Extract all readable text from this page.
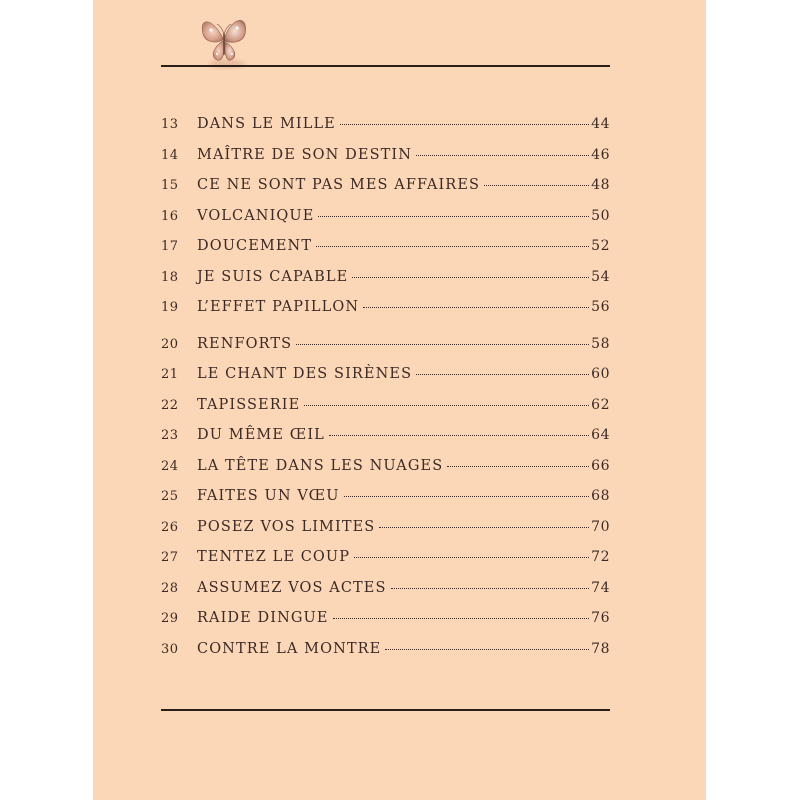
13	DANS LE MILLE	44
14	MAÎTRE DE SON DESTIN	46
15	CE NE SONT PAS MES AFFAIRES	48
16	VOLCANIQUE	50
17	DOUCEMENT	52
18	JE SUIS CAPABLE	54
19	L’EFFET PAPILLON	56
20	RENFORTS	58
21	LE CHANT DES SIRÈNES	60
22	TAPISSERIE	62
23	DU MÊME ŒIL	64
24	LA TÊTE DANS LES NUAGES	66
25	FAITES UN VŒU	68
26	POSEZ VOS LIMITES	70
27	TENTEZ LE COUP	72
28	ASSUMEZ VOS ACTES	74
29	RAIDE DINGUE	76
30	CONTRE LA MONTRE	78
